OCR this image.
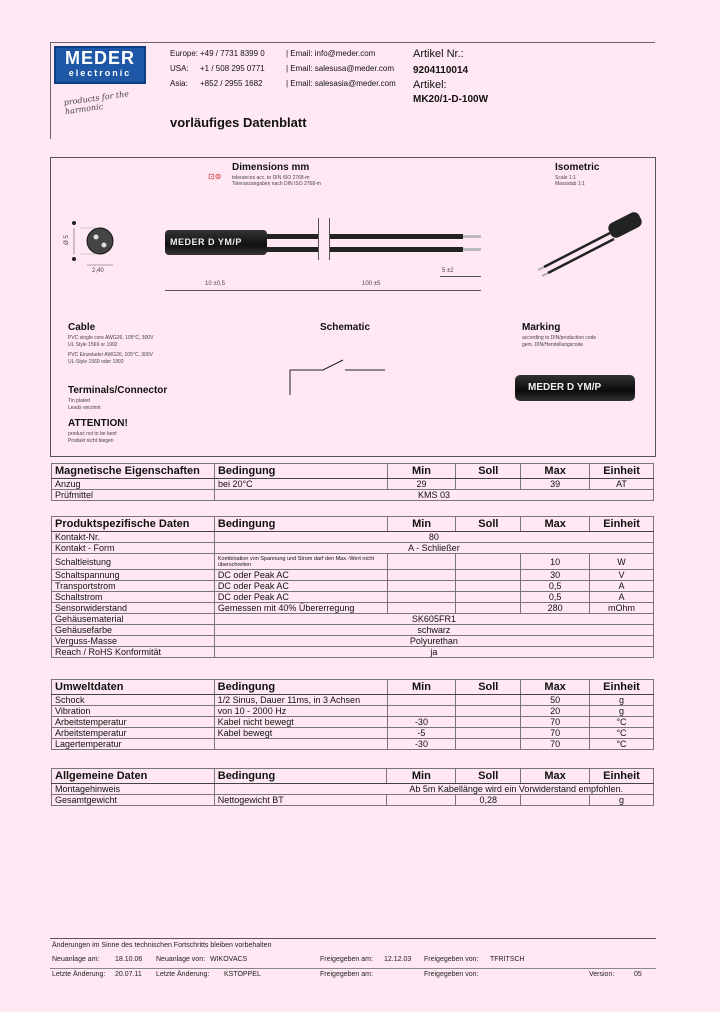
MEDER
electronic
products for the harmonic
Europe: +49 / 7731 8399 0	| Email: info@meder.com
USA:	+1 / 508 295 0771	| Email: salesusa@meder.com
Asia:	+852 / 2955 1682	| Email: salesasia@meder.com
Artikel Nr.:
9204110014
Artikel:
MK20/1-D-100W
vorläufiges Datenblatt
Dimensions mm
tolerances acc. to DIN ISO 2768-m
Toleranzangaben nach DIN ISO 2768-m
⊡⊚
Isometric
Scale 1:1
Massstab 1:1
Ø 5
2,40
MEDER D YM/P
10 ±0,5	100 ±5
5 ±2
Cable
PVC single core AWG26, 105°C, 300V
UL Style 1569 or 1992
PVC Einzelader AWG26, 105°C, 300V
UL-Style 1569 oder 1992
Schematic	Marking
according to DIN/production code
gem. DIN/Herstellungscode
MEDER D YM/P
Terminals/Connector
Tin plated
Leads verzinnt
ATTENTION!
product not to be bent
Produkt nicht biegen
Magnetische Eigenschaften	Bedingung	Min	Soll	Max	Einheit
Anzug	bei 20°C	29		39	AT
Prüfmittel	KMS 03				
Produktspezifische Daten	Bedingung	Min	Soll	Max	Einheit
Kontakt-Nr.	80				
Kontakt - Form	A - Schließer				
Schaltleistung	Kombination von Spannung und Strom darf den Max.-Wert nicht überschreiten			10	W
Schaltspannung	DC oder Peak AC			30	V
Transportstrom	DC oder Peak AC			0,5	A
Schaltstrom	DC oder Peak AC			0,5	A
Sensorwiderstand	Gemessen mit 40% Übererregung			280	mOhm
Gehäusematerial	SK605FR1				
Gehäusefarbe	schwarz				
Verguss-Masse	Polyurethan				
Reach / RoHS Konformität	ja				
Umweltdaten	Bedingung	Min	Soll	Max	Einheit
Schock	1/2 Sinus, Dauer 11ms, in 3 Achsen			50	g
Vibration	von 10 - 2000 Hz			20	g
Arbeitstemperatur	Kabel nicht bewegt	-30		70	°C
Arbeitstemperatur	Kabel bewegt	-5		70	°C
Lagertemperatur		-30		70	°C
Allgemeine Daten	Bedingung	Min	Soll	Max	Einheit
Montagehinweis	Ab 5m Kabellänge wird ein Vorwiderstand empfohlen.				
Gesamtgewicht	Nettogewicht BT		0,28		g
Änderungen im Sinne des technischen Fortschritts bleiben vorbehalten
Neuanlage am: 18.10.06 Neuanlage von: WIKOVACS	Freigegeben am: 12.12.03 Freigegeben von: TFRITSCH
Letzte Änderung: 20.07.11 Letzte Änderung: KSTOPPEL	Freigegeben am:	Freigegeben von:	Version:	05
